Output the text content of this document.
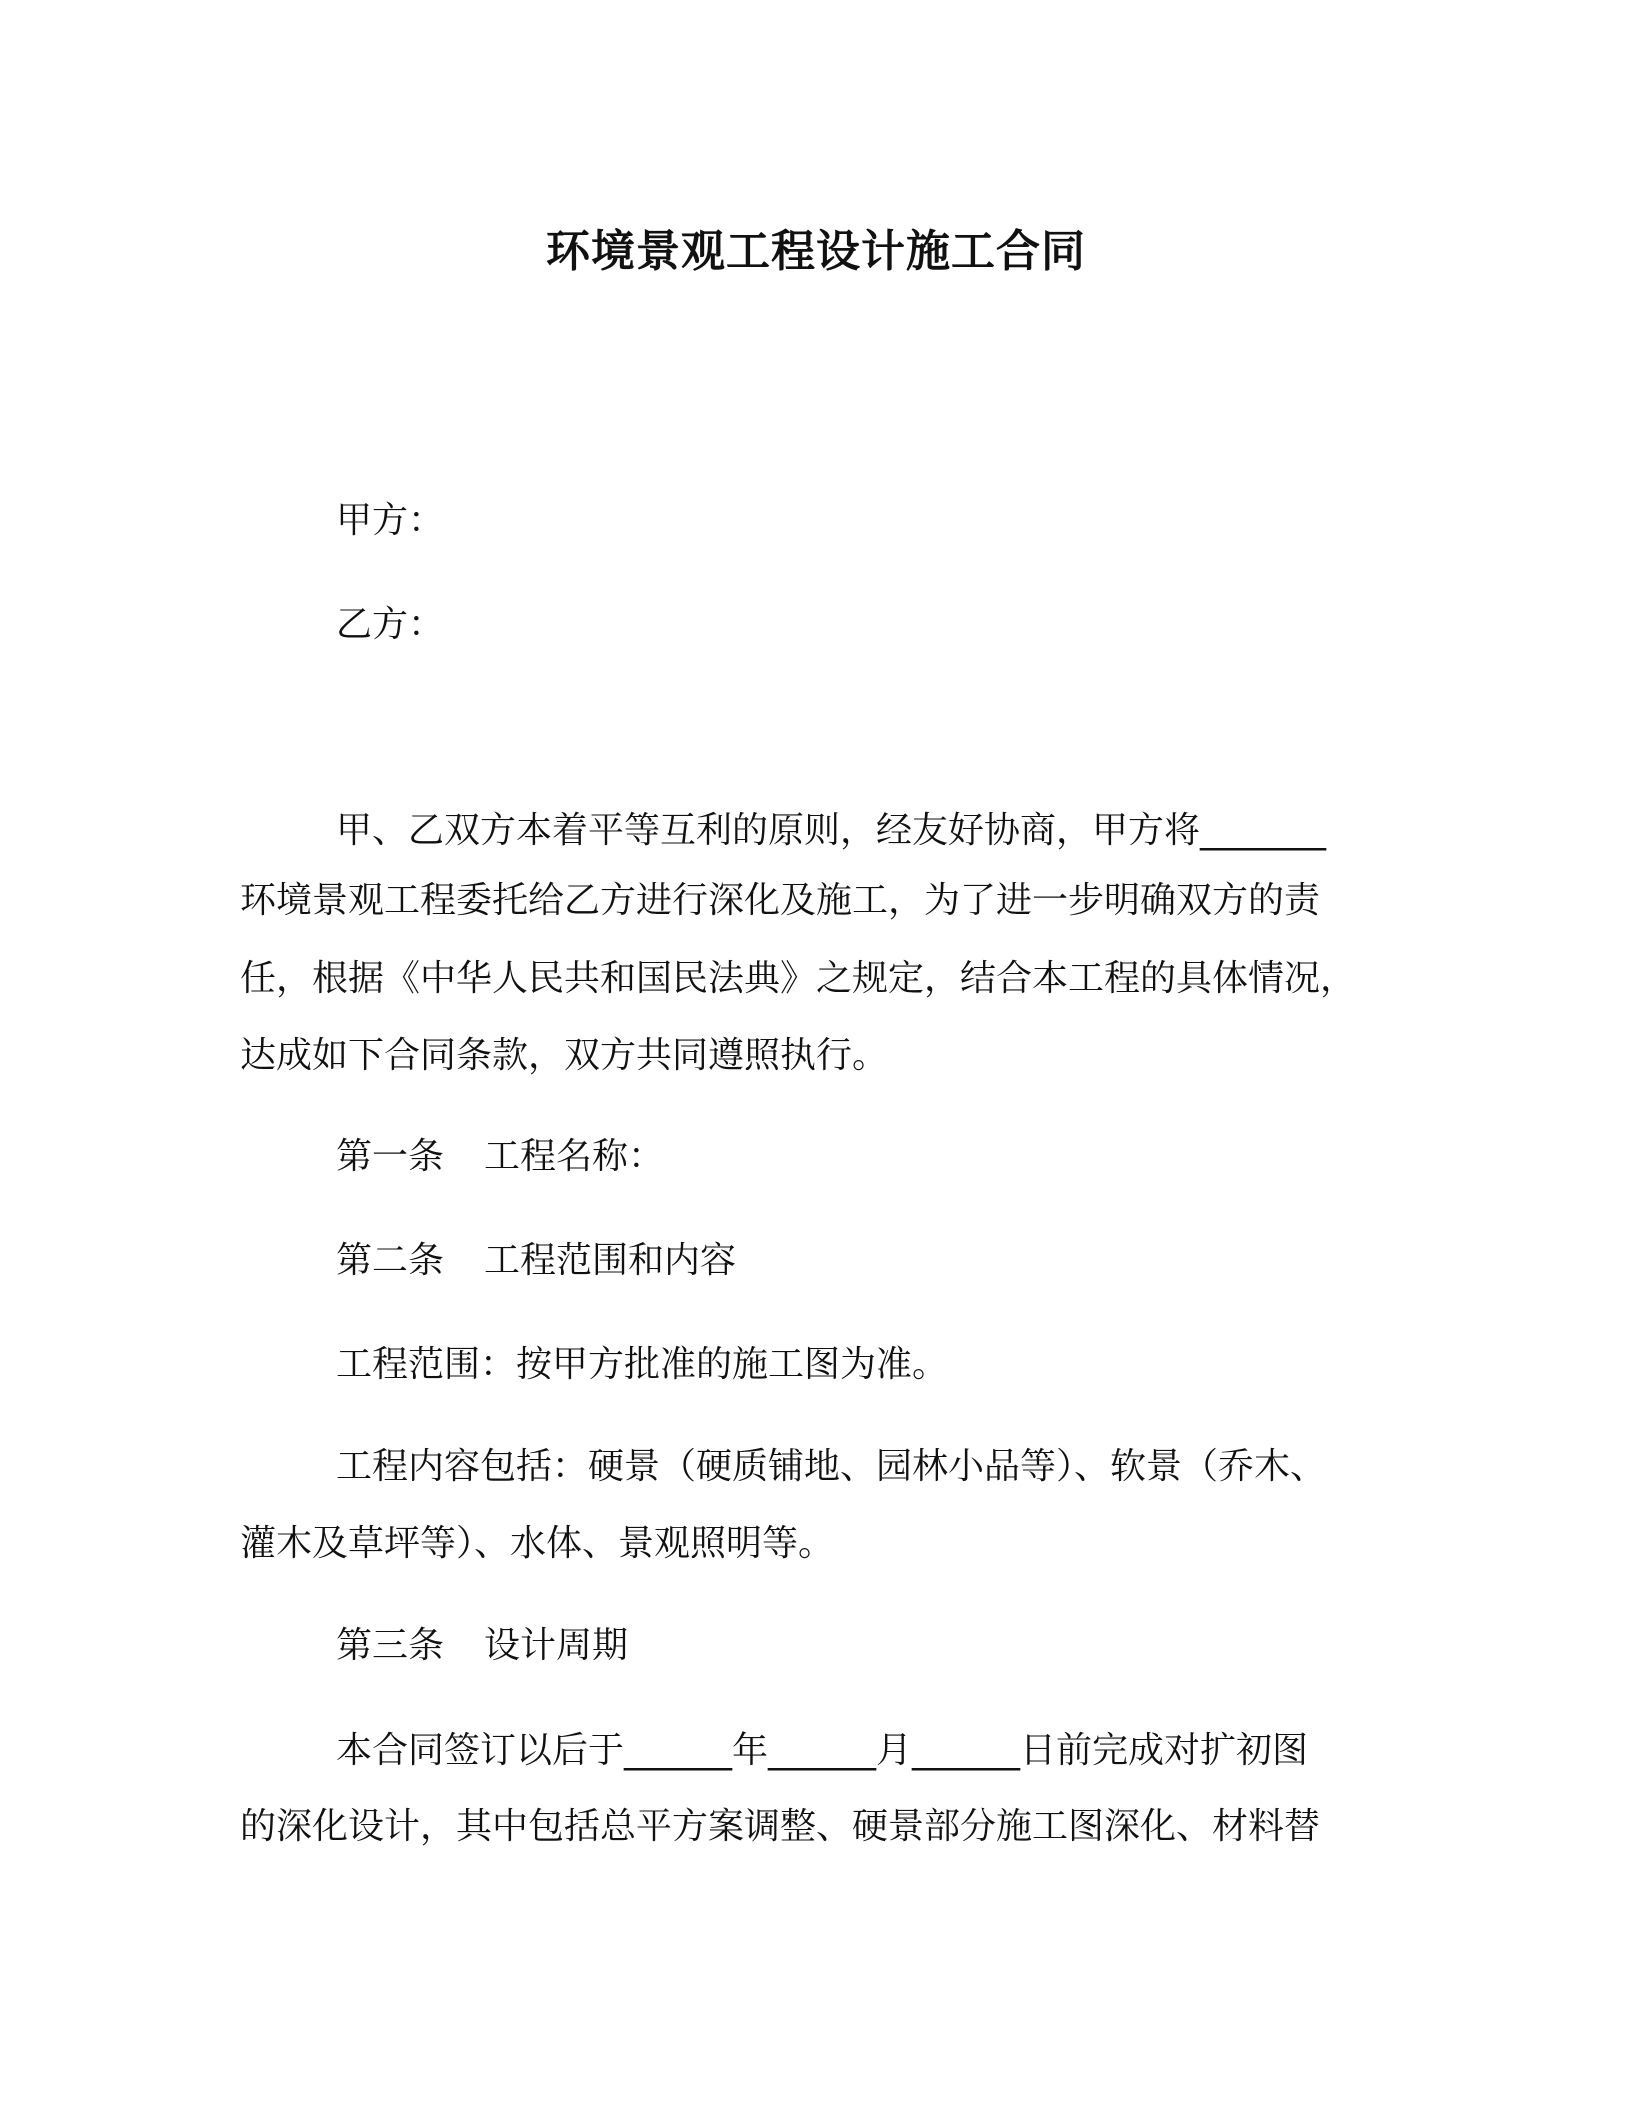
环境景观工程设计施工合同
甲方：
乙方：
甲、乙双方本着平等互利的原则，经友好协商，甲方将_______
环境景观工程委托给乙方进行深化及施工，为了进一步明确双方的责
任，根据《中华人民共和国民法典》之规定，结合本工程的具体情况，
达成如下合同条款，双方共同遵照执行。
第一条 工程名称：
第二条 工程范围和内容
工程范围：按甲方批准的施工图为准。
工程内容包括：硬景（硬质铺地、园林小品等）、软景（乔木、
灌木及草坪等）、水体、景观照明等。
第三条 设计周期
本合同签订以后于______年______月______日前完成对扩初图
的深化设计，其中包括总平方案调整、硬景部分施工图深化、材料替
